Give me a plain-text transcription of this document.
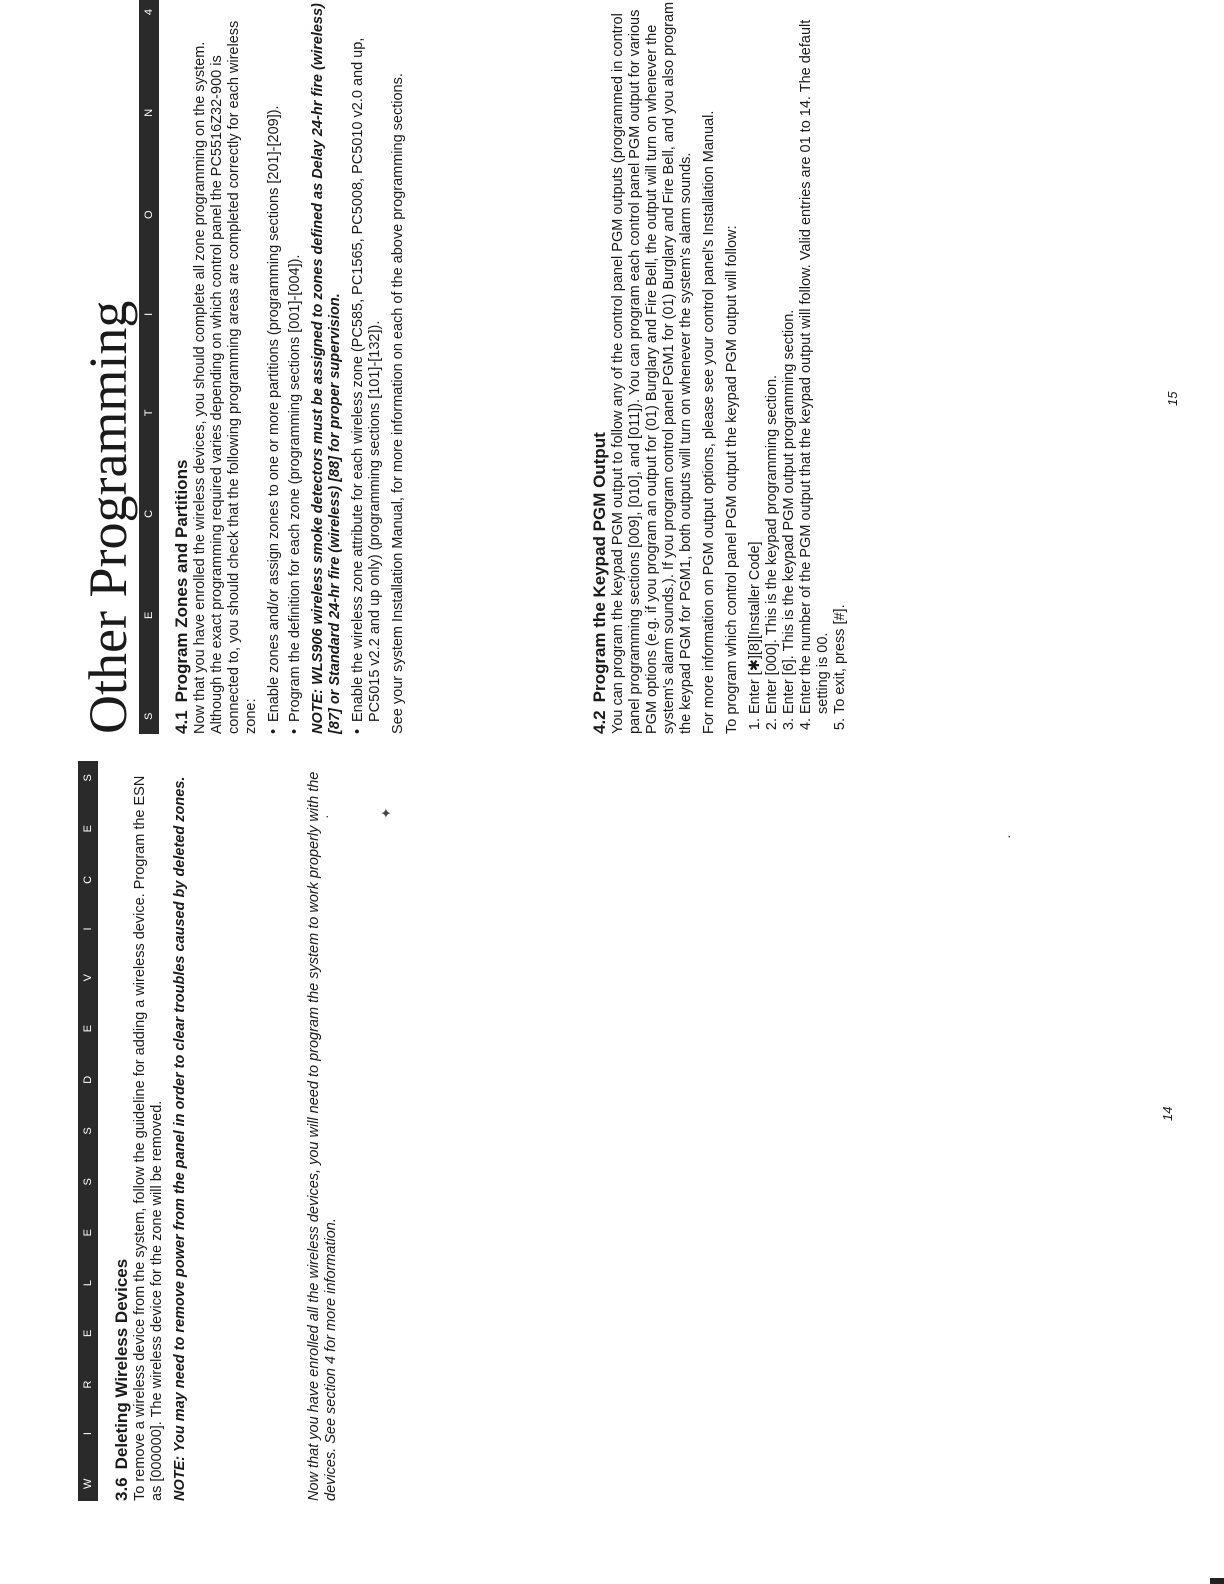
W
I
R
E
L
E
S
S
D
E
V
I
C
E
S
3.6Deleting Wireless Devices To remove a wireless device from the system, follow the guideline for adding a wireless device. Program the ESN as [000000]. The wireless device for the zone will be removed. NOTE: You may need to remove power from the panel in order to clear troubles caused by deleted zones.	Now that you have enrolled all the wireless devices, you will need to program the system to work properly with the devices. See section 4 for more information.

14
Other Programming S
E
C
T
I
O
N
4
4.1Program Zones and Partitions Now that you have enrolled the wireless devices, you should complete all zone programming on the system. Although the exact programming required varies depending on which control panel the PC5516Z32-900 is connected to, you should check that the following programming areas are completed correctly for each wireless zone: • Enable zones and/or assign zones to one or more partitions (programming sections [201]-[209]). • Program the definition for each zone (programming sections [001]-[004]). NOTE: WLS906 wireless smoke detectors must be assigned to zones defined as Delay 24-hr fire (wireless) [87] or Standard 24-hr fire (wireless) [88] for proper supervision. • Enable the wireless zone attribute for each wireless zone (PC585, PC1565, PC5008, PC5010 v2.0 and up, PC5015 v2.2 and up only) (programming sections [101]-[132]). See your system Installation Manual, for more information on each of the above programming sections.	4.2Program the Keypad PGM Output You can program the keypad PGM output to follow any of the control panel PGM outputs (programmed in control panel programming sections [009], [010], and [011]). You can program each control panel PGM output for various PGM options (e.g. if you program an output for (01) Burglary and Fire Bell, the output will turn on whenever the system's alarm sounds.). If you program control panel PGM1 for (01) Burglary and Fire Bell, and you also program the keypad PGM for PGM1, both outputs will turn on whenever the system's alarm sounds. For more information on PGM output options, please see your control panel's Installation Manual. To program which control panel PGM output the keypad PGM output will follow: 1. Enter [✱][8][Installer Code] 2. Enter [000]. This is the keypad programming section. 3. Enter [6]. This is the keypad PGM output programming section. 4. Enter the number of the PGM output that the keypad output will follow. Valid entries are 01 to 14. The default setting is 00. 5. To exit, press [#].
15
·	✦
·
